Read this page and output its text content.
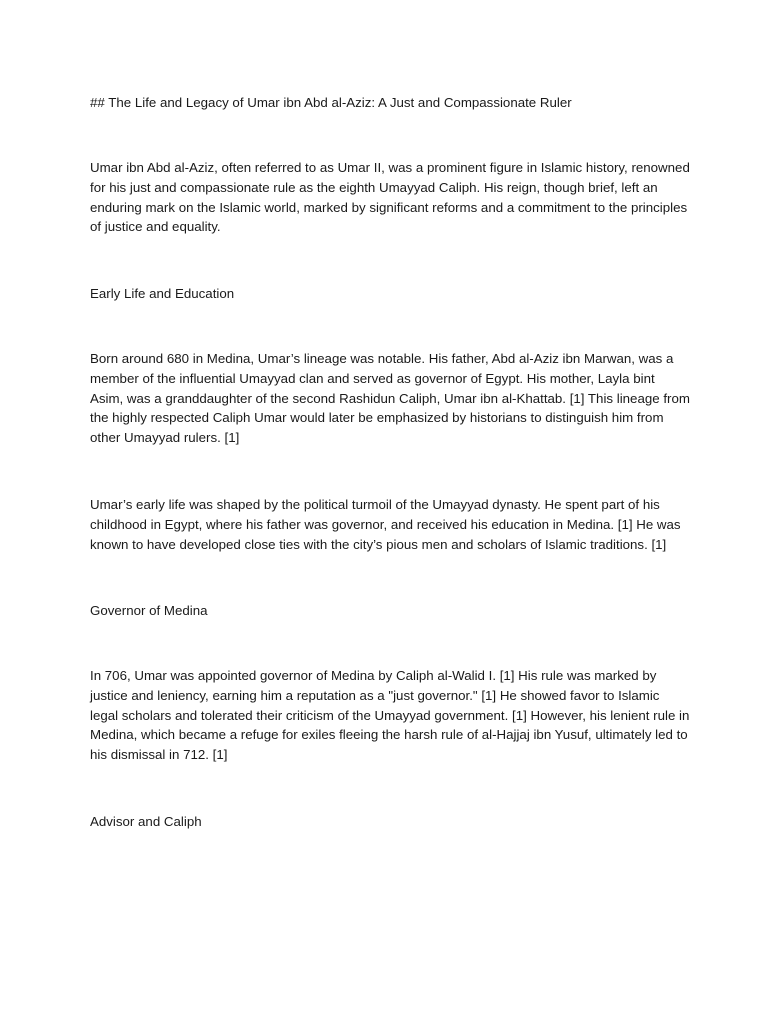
## The Life and Legacy of Umar ibn Abd al-Aziz: A Just and Compassionate Ruler

Umar ibn Abd al-Aziz, often referred to as Umar II, was a prominent figure in Islamic history, renowned for his just and compassionate rule as the eighth Umayyad Caliph. His reign, though brief, left an enduring mark on the Islamic world, marked by significant reforms and a commitment to the principles of justice and equality.

Early Life and Education

Born around 680 in Medina, Umar’s lineage was notable. His father, Abd al-Aziz ibn Marwan, was a member of the influential Umayyad clan and served as governor of Egypt. His mother, Layla bint Asim, was a granddaughter of the second Rashidun Caliph, Umar ibn al-Khattab. [1] This lineage from the highly respected Caliph Umar would later be emphasized by historians to distinguish him from other Umayyad rulers. [1]

Umar’s early life was shaped by the political turmoil of the Umayyad dynasty. He spent part of his childhood in Egypt, where his father was governor, and received his education in Medina. [1] He was known to have developed close ties with the city’s pious men and scholars of Islamic traditions. [1]

Governor of Medina

In 706, Umar was appointed governor of Medina by Caliph al-Walid I. [1] His rule was marked by justice and leniency, earning him a reputation as a "just governor." [1] He showed favor to Islamic legal scholars and tolerated their criticism of the Umayyad government. [1] However, his lenient rule in Medina, which became a refuge for exiles fleeing the harsh rule of al-Hajjaj ibn Yusuf, ultimately led to his dismissal in 712. [1]

Advisor and Caliph
